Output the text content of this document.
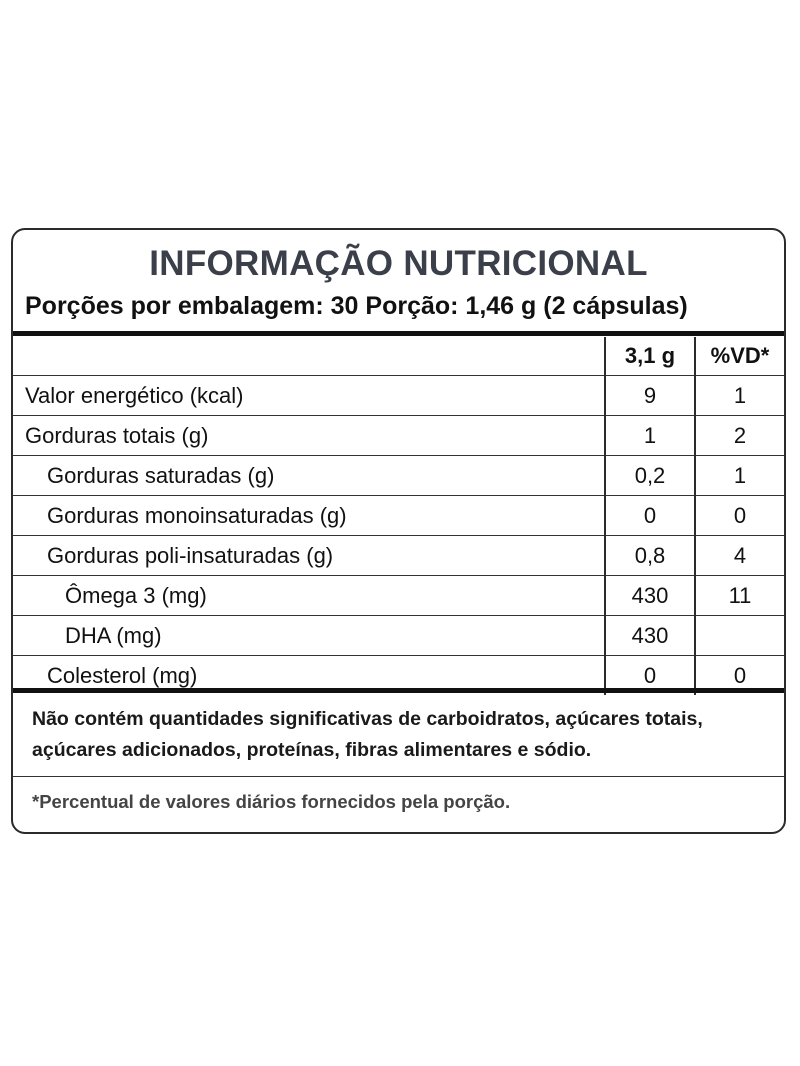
INFORMAÇÃO NUTRICIONAL
Porções por embalagem: 30 Porção: 1,46 g (2 cápsulas)
	3,1 g	%VD*
Valor energético (kcal)	9	1
Gorduras totais (g)	1	2
Gorduras saturadas (g)	0,2	1
Gorduras monoinsaturadas (g)	0	0
Gorduras poli-insaturadas (g)	0,8	4
Ômega 3 (mg)	430	11
DHA (mg)	430	
Colesterol (mg)	0	0
Não contém quantidades significativas de carboidratos, açúcares totais, açúcares adicionados, proteínas, fibras alimentares e sódio.
*Percentual de valores diários fornecidos pela porção.
